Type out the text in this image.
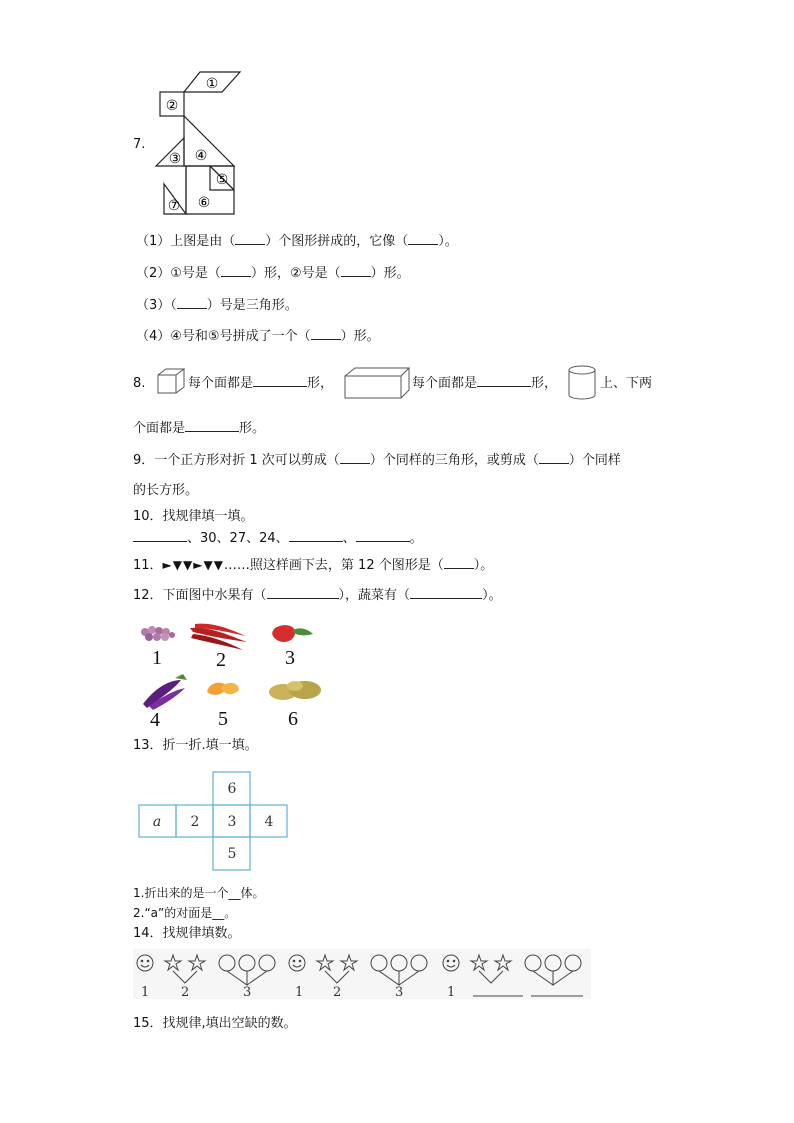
7.
①
②
③ ④
⑤
⑥
⑦
（1）上图是由（ ）个图形拼成的，它像（ ）。
（2）①号是（ ）形，②号是（ ）形。
（3）（ ）号是三角形。
（4）④号和⑤号拼成了一个（ ）形。
8.	每个面都是	形，	每个面都是	形，	上、下两
个面都是	形。
9．一个正方形对折 1 次可以剪成（ ）个同样的三角形，或剪成（ ）个同样
的长方形。
10．找规律填一填。
、30、27、24、	、	。
11．►▼▼►▼▼……照这样画下去，第 12 个图形是（ ）。
12．下面图中水果有（	），蔬菜有（	）。
1	2	3
4	5	6
13．折一折.填一填。
a 2 3 4
6
5
1.折出来的是一个__体。
2.“a”的对面是__。
14．找规律填数。
1 2	3	1 2	3	1
15．找规律,填出空缺的数。
